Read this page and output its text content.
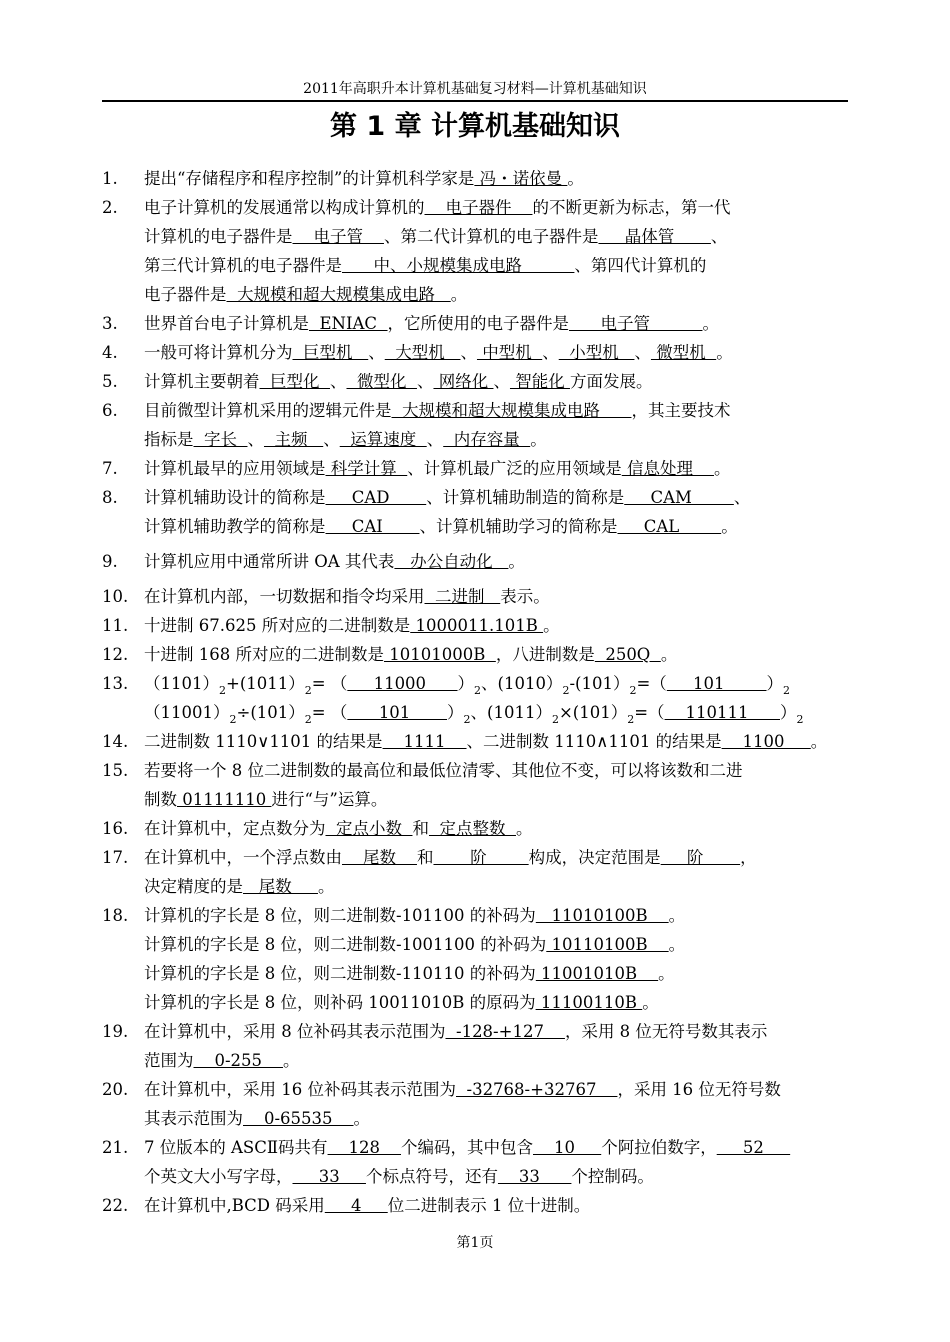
2011年高职升本计算机基础复习材料—计算机基础知识
第 1 章 计算机基础知识
1.	提出“存储程序和程序控制”的计算机科学家是 冯・诺依曼 。
2.	电子计算机的发展通常以构成计算机的    电子器件    的不断更新为标志，第一代
计算机的电子器件是    电子管    、第二代计算机的电子器件是     晶体管       、
第三代计算机的电子器件是      中、小规模集成电路          、第四代计算机的
电子器件是  大规模和超大规模集成电路   。
3.	世界首台电子计算机是  ENIAC  ，它所使用的电子器件是      电子管          。
4.	一般可将计算机分为  巨型机   、  大型机   、 中型机  、  小型机   、 微型机  。
5.	计算机主要朝着  巨型化  、  微型化  、 网络化 、 智能化 方面发展。
6.	目前微型计算机采用的逻辑元件是  大规模和超大规模集成电路      ，其主要技术
指标是  字长  、  主频   、  运算速度  、  内存容量  。
7.	计算机最早的应用领域是 科学计算  、计算机最广泛的应用领域是 信息处理    。
8.	计算机辅助设计的简称是     CAD       、计算机辅助制造的简称是     CAM        、
计算机辅助教学的简称是     CAI       、计算机辅助学习的简称是     CAL        。
9.	计算机应用中通常所讲 OA 其代表   办公自动化   。
10. 在计算机内部，一切数据和指令均采用  二进制   表示。
11. 十进制 67.625 所对应的二进制数是 1000011.101B 。
12. 十进制 168 所对应的二进制数是 10101000B  ，八进制数是  250Q  。
13. $(1101)_2+(1011)_2=$ （     11000      ）$_2$、$(1010)_2-(101)_2=$（     101        ）$_2$
$(11001)_2\div(101)_2=$ （      101       ）$_2$、$(1011)_2\times(101)_2=$（    110111      ）$_2$
14. 二进制数 1110∨1101 的结果是    1111    、二进制数 1110∧1101 的结果是    1100     。
15. 若要将一个 8 位二进制数的最高位和最低位清零、其他位不变，可以将该数和二进
制数 01111110 进行“与”运算。
16. 在计算机中，定点数分为  定点小数  和  定点整数  。
17. 在计算机中，一个浮点数由    尾数    和       阶        构成，决定范围是     阶       ，
决定精度的是   尾数     。
18. 计算机的字长是 8 位，则二进制数-101100 的补码为   11010100B    。
计算机的字长是 8 位，则二进制数-1001100 的补码为 10110100B    。
计算机的字长是 8 位，则二进制数-110110 的补码为 11001010B    。
计算机的字长是 8 位，则补码 10011010B 的原码为 11100110B 。
19. 在计算机中，采用 8 位补码其表示范围为  -128-+127    ，采用 8 位无符号数其表示
范围为    0-255    。
20. 在计算机中，采用 16 位补码其表示范围为  -32768-+32767    ，采用 16 位无符号数
其表示范围为    0-65535    。
21. 7 位版本的 ASCⅡ码共有    128    个编码，其中包含    10     个阿拉伯数字，     52
个英文大小写字母，     33     个标点符号，还有    33      个控制码。
22. 在计算机中,BCD 码采用     4     位二进制表示 1 位十进制。
第1页
